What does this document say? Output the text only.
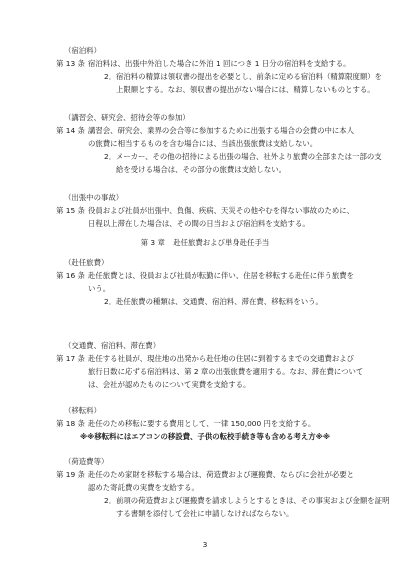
（宿泊料）
第 13 条 宿泊料は、出張中外泊した場合に外泊 1 回につき 1 日分の宿泊料を支給する。
2． 宿泊料の精算は領収書の提出を必要とし、前条に定める宿泊料（精算限度額）を
上限額とする。なお、領収書の提出がない場合には、精算しないものとする。
（講習会、研究会、招待会等の参加）
第 14 条 講習会、研究会、業界の会合等に参加するために出張する場合の会費の中に本人
の旅費に相当するものを含む場合には、当該出張旅費は支給しない。
2． メーカー、その他の招待による出張の場合、社外より旅費の全部または一部の支
給を受ける場合は、その部分の旅費は支給しない。
（出張中の事故）
第 15 条 役員および社員が出張中、負傷、疾病、天災その他やむを得ない事故のために、
日程以上滞在した場合は、その間の日当および宿泊料を支給する。
第 3 章 赴任旅費および単身赴任手当
（赴任旅費）
第 16 条 赴任旅費とは、役員および社員が転勤に伴い、住居を移転する赴任に伴う旅費を
いう。
2． 赴任旅費の種類は、交通費、宿泊料、滞在費、移転料をいう。
（交通費、宿泊料、滞在費）
第 17 条 赴任する社員が、現住地の出発から赴任地の住居に到着するまでの交通費および
旅行日数に応ずる宿泊料は、第 2 章の出張旅費を適用する。なお、滞在費について
は、会社が認めたものについて実費を支給する。
（移転料）
第 18 条 赴任のため移転に要する費用として、一律 150,000 円を支給する。
※※移転料にはエアコンの移設費、子供の転校手続き等も含める考え方※※
（荷造費等）
第 19 条 赴任のため家財を移転する場合は、荷造費および運搬費、ならびに会社が必要と
認めた寄託費の実費を支給する。
2． 前項の荷造費および運搬費を請求しようとするときは、その事実および金額を証明
する書類を添付して会社に申請しなければならない。
3
